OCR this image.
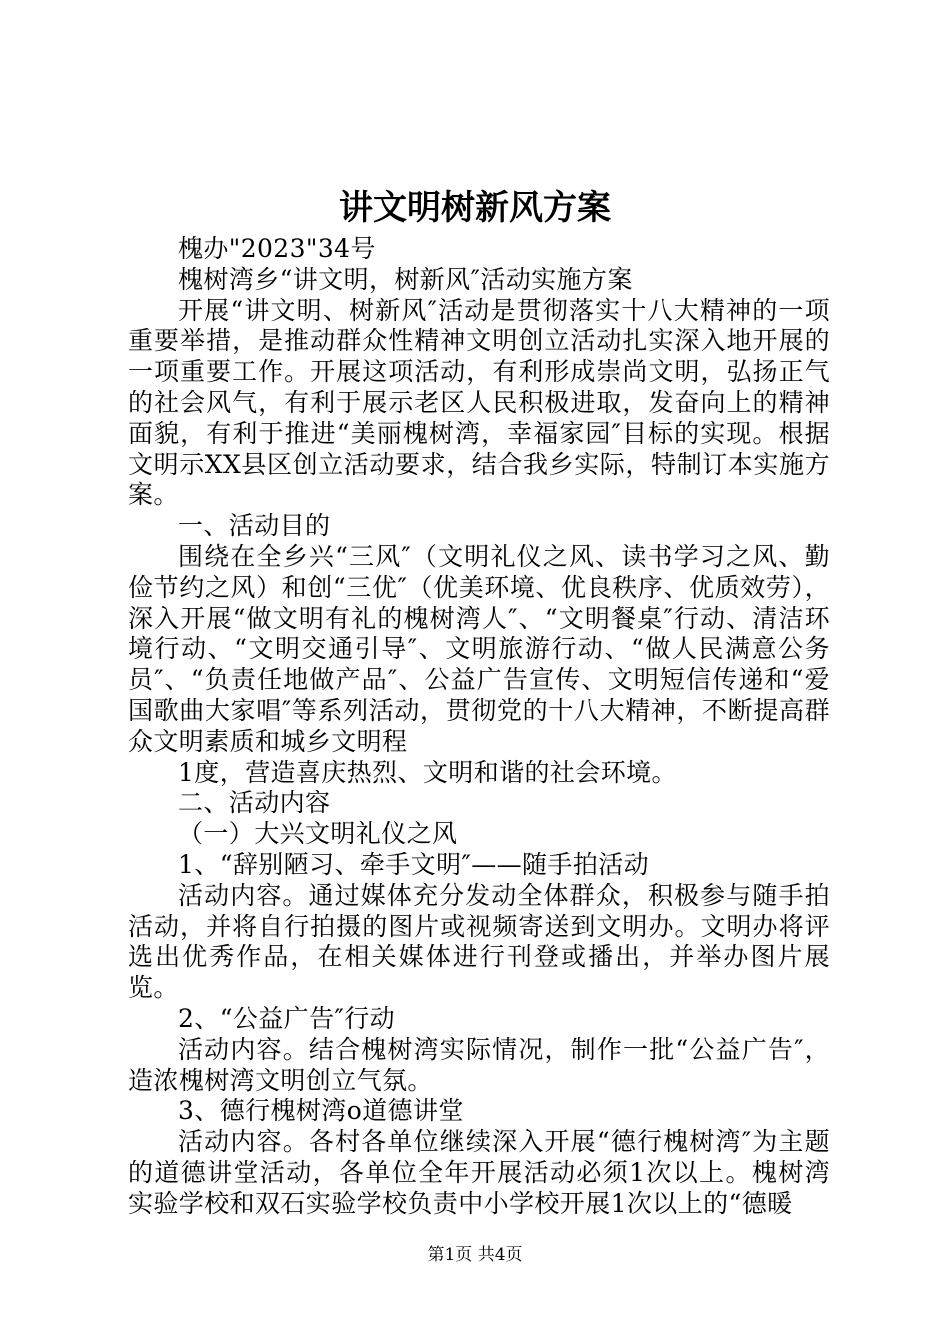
讲文明树新风方案

槐办"2023"34号

槐树湾乡“讲文明，树新风″活动实施方案

开展“讲文明、树新风″活动是贯彻落实十八大精神的一项重要举措，是推动群众性精神文明创立活动扎实深入地开展的一项重要工作。开展这项活动，有利形成崇尚文明，弘扬正气的社会风气，有利于展示老区人民积极进取，发奋向上的精神面貌，有利于推进“美丽槐树湾，幸福家园″目标的实现。根据文明示XX县区创立活动要求，结合我乡实际，特制订本实施方案。

一、活动目的

围绕在全乡兴“三风″（文明礼仪之风、读书学习之风、勤俭节约之风）和创“三优″（优美环境、优良秩序、优质效劳），深入开展“做文明有礼的槐树湾人″、“文明餐桌″行动、清洁环境行动、“文明交通引导″、文明旅游行动、“做人民满意公务员″、“负责任地做产品″、公益广告宣传、文明短信传递和“爱国歌曲大家唱″等系列活动，贯彻党的十八大精神，不断提高群众文明素质和城乡文明程

1度，营造喜庆热烈、文明和谐的社会环境。

二、活动内容

（一）大兴文明礼仪之风

1、“辞别陋习、牵手文明″——随手拍活动

活动内容。通过媒体充分发动全体群众，积极参与随手拍活动，并将自行拍摄的图片或视频寄送到文明办。文明办将评选出优秀作品，在相关媒体进行刊登或播出，并举办图片展览。

2、“公益广告″行动

活动内容。结合槐树湾实际情况，制作一批“公益广告″，造浓槐树湾文明创立气氛。

3、德行槐树湾o道德讲堂

活动内容。各村各单位继续深入开展“德行槐树湾″为主题的道德讲堂活动，各单位全年开展活动必须1次以上。槐树湾实验学校和双石实验学校负责中小学校开展1次以上的“德暖

第1页 共4页
